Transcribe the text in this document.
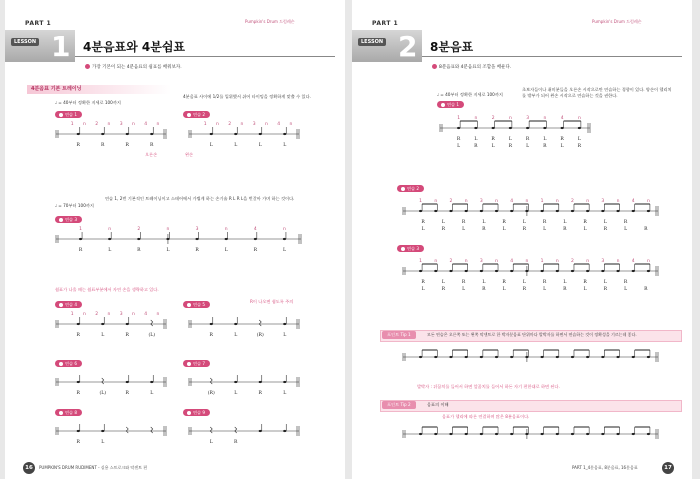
PART 1	Pumpkin's Drum 드럼레슨
LESSON 1 4분음표와 4분쉼표
가장 기본이 되는 4분음표의 쉼표를 배워보자.
4분음표 기본 트레이닝
♩ = 40부터 정확한 지세로 100까지
4분음표 사이에 1/2를 입위했서 쉬어 타이밍을 정확하게 맞출 수 있다.
연습 1	연습 2
1 n 2 n 3 n 4 n
R	R	R	R
1 n 2 n 3 n 4 n
L	L	L	L
오른손	왼손
♩ = 70부터 100까지
연습 1, 2번 기본적인 트레이닝이고 스테어에서 가볍게 하는 손기술 R L R L을 번갈아 가며 하는 것이다.
연습 3
1	n	2	n	3	n	4	n
R	L	R	L	R	L	R	L
쉼표가 나올 때는 쉼표부분에서 자연 손을 생략하고 있다.
연습 4	연습 5
R이 나오면 쉼도록 주의
1 n 2 n 3 n 4 n
R	L	R	(L)	R	L	(R)	L
연습 6	연습 7
R	(L)	R	L	(R)	L	R	L
연습 8	연습 9
R	L	L	R
16	PUMPKIN'S DRUM RUDIMENT - 실용 스트로크와 악센트 편
PART 1	Pumpkin's Drum 드럼레슨
LESSON 2 8분음표
8분음표와 4분음표의 조합을 배운다.
♩ = 40부터 정확한 지세로 100까지
초보자들이나 취미분들을 오른손 시작으로만 연습하는 경향이 있다. 양손이 헬리치를 밖부가 되어 왼손 시작으로 연습하는 것을 권한다.
연습 1
1	n	2	n	3	n	4	n
R	L	R	L	R	L	R	L
L	R	L	R	L	R	L	R
연습 2
1	n	2	n	3	n	4	n	1	n	2	n	3	n	4	n
R	L	R	L	R	L	R	L	R	L	R
L	R	L	R	L	R	L	R	L	R	L	R
연습 3
1	n	2	n	3	n	4	n	1	n	2	n	3	n	4	n
R	L	R	L	R	L	R	L	R	L	R
L	R	L	R	L	R	L	R	L	R	L	R
포인트 Tip 1	모든 연습은 오른쪽 또는 왼쪽 악센트로 한 박자분음표 단위마다 발박자를 하면서 연습하는 것이 정확성을 기르는데 좋다.
발박자 : 뒤꿈치를 들어서 하면 앞꿈치를 들어서 하든 자기 편한대로 하면 된다.
포인트 Tip 2	음표의 이해
음표가 헬리에 따른 연결하며 많은 8분음표이다.
PART 1_4분음표, 8분음표, 16분음표	17
